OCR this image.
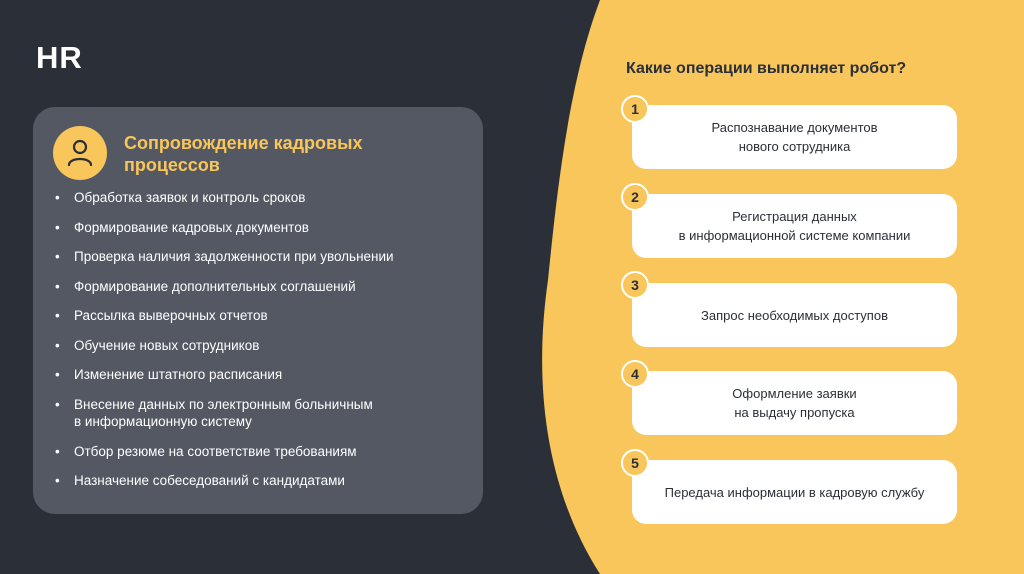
HR
Сопровождение кадровых процессов
• Обработка заявок и контроль сроков
• Формирование кадровых документов
• Проверка наличия задолженности при увольнении
• Формирование дополнительных соглашений
• Рассылка выверочных отчетов
• Обучение новых сотрудников
• Изменение штатного расписания
• Внесение данных по электронным больничным
в информационную систему
• Отбор резюме на соответствие требованиям
• Назначение собеседований с кандидатами
Какие операции выполняет робот?
Распознавание документов
нового сотрудника
1
Регистрация данных
в информационной системе компании
2
Запрос необходимых доступов
3
Оформление заявки
на выдачу пропуска
4
Передача информации в кадровую службу
5
